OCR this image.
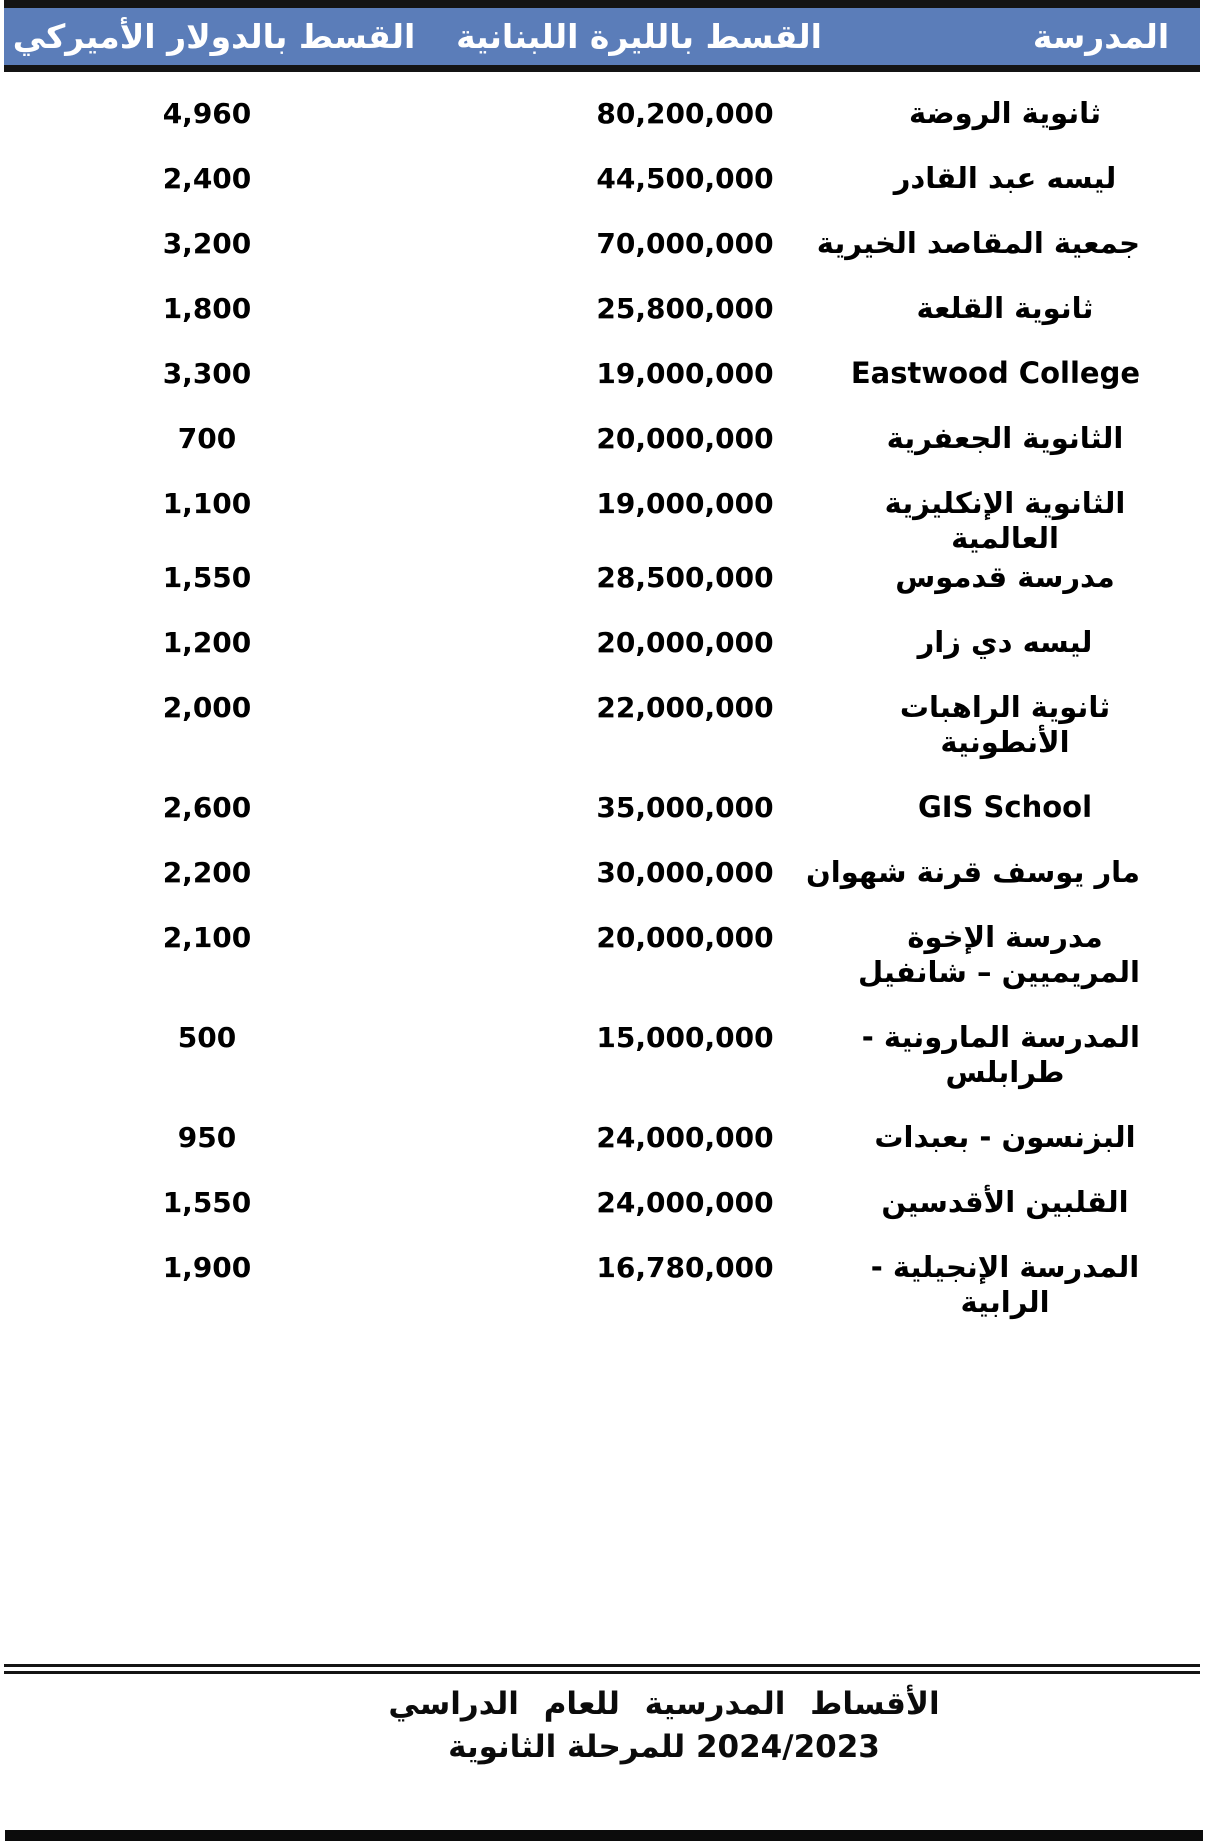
المدرسة
القسط بالليرة اللبنانية
القسط بالدولار الأميركي
ثانوية الروضة
80,200,000
4,960
ليسه عبد القادر
44,500,000
2,400
جمعية المقاصد الخيرية
70,000,000
3,200
ثانوية القلعة
25,800,000
1,800
Eastwood College
19,000,000
3,300
الثانوية الجعفرية
20,000,000
700
الثانوية الإنكليزية
العالمية
19,000,000
1,100
مدرسة قدموس
28,500,000
1,550
ليسه دي زار
20,000,000
1,200
ثانوية الراهبات
الأنطونية
22,000,000
2,000
GIS School
35,000,000
2,600
مار يوسف قرنة شهوان
30,000,000
2,200
مدرسة الإخوة
المريميين – شانفيل
20,000,000
2,100
المدرسة المارونية -
طرابلس
15,000,000
500
البزنسون - بعبدات
24,000,000
950
القلبين الأقدسين
24,000,000
1,550
المدرسة الإنجيلية -
الرابية
16,780,000
1,900
الأقساط المدرسية للعام الدراسي
2024/2023 للمرحلة الثانوية
